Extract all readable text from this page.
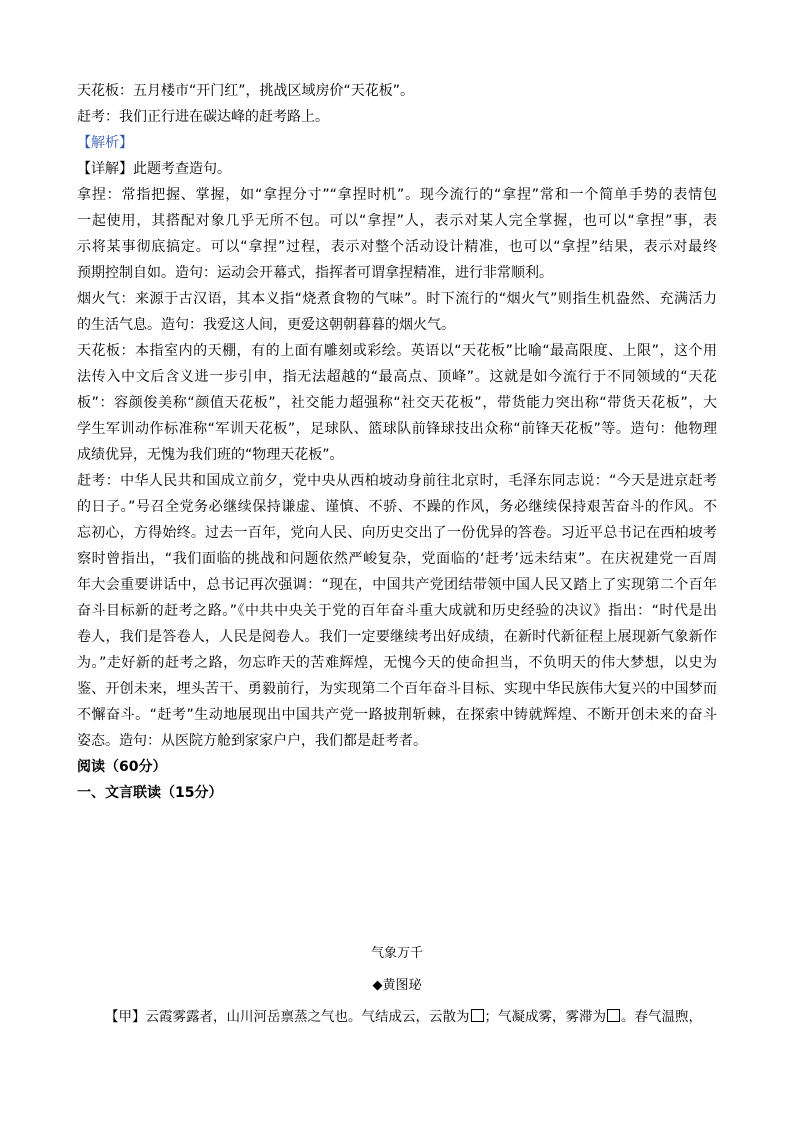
天花板：五月楼市“开门红”，挑战区域房价“天花板”。
赶考：我们正行进在碳达峰的赶考路上。
【解析】
【详解】此题考查造句。
拿捏：常指把握、掌握，如“拿捏分寸”“拿捏时机”。现今流行的“拿捏”常和一个简单手势的表情包
一起使用，其搭配对象几乎无所不包。可以“拿捏”人，表示对某人完全掌握，也可以“拿捏”事，表
示将某事彻底搞定。可以“拿捏”过程，表示对整个活动设计精准，也可以“拿捏”结果，表示对最终
预期控制自如。造句：运动会开幕式，指挥者可谓拿捏精准，进行非常顺利。
烟火气：来源于古汉语，其本义指“烧煮食物的气味”。时下流行的“烟火气”则指生机盎然、充满活力
的生活气息。造句：我爱这人间，更爱这朝朝暮暮的烟火气。
天花板：本指室内的天棚，有的上面有雕刻或彩绘。英语以“天花板”比喻“最高限度、上限”，这个用
法传入中文后含义进一步引申，指无法超越的“最高点、顶峰”。这就是如今流行于不同领域的“天花
板”：容颜俊美称“颜值天花板”，社交能力超强称“社交天花板”，带货能力突出称“带货天花板”，大
学生军训动作标准称“军训天花板”，足球队、篮球队前锋球技出众称“前锋天花板”等。造句：他物理
成绩优异，无愧为我们班的“物理天花板”。
赶考：中华人民共和国成立前夕，党中央从西柏坡动身前往北京时，毛泽东同志说：“今天是进京赶考
的日子。”号召全党务必继续保持谦虚、谨慎、不骄、不躁的作风，务必继续保持艰苦奋斗的作风。不
忘初心，方得始终。过去一百年，党向人民、向历史交出了一份优异的答卷。习近平总书记在西柏坡考
察时曾指出，“我们面临的挑战和问题依然严峻复杂，党面临的‘赶考’远未结束”。在庆祝建党一百周
年大会重要讲话中，总书记再次强调：“现在，中国共产党团结带领中国人民又踏上了实现第二个百年
奋斗目标新的赶考之路。”《中共中央关于党的百年奋斗重大成就和历史经验的决议》指出：“时代是出
卷人，我们是答卷人，人民是阅卷人。我们一定要继续考出好成绩，在新时代新征程上展现新气象新作
为。”走好新的赶考之路，勿忘昨天的苦难辉煌，无愧今天的使命担当，不负明天的伟大梦想，以史为
鉴、开创未来，埋头苦干、勇毅前行，为实现第二个百年奋斗目标、实现中华民族伟大复兴的中国梦而
不懈奋斗。“赶考”生动地展现出中国共产党一路披荆斩棘，在探索中铸就辉煌、不断开创未来的奋斗
姿态。造句：从医院方舱到家家户户，我们都是赶考者。
阅读（60分）
一、文言联读（15分）
气象万千
◆黄图珌
【甲】云霞雾露者，山川河岳禀蒸之气也。气结成云，云散为 ；气凝成雾，雾滞为 。春气温煦，
